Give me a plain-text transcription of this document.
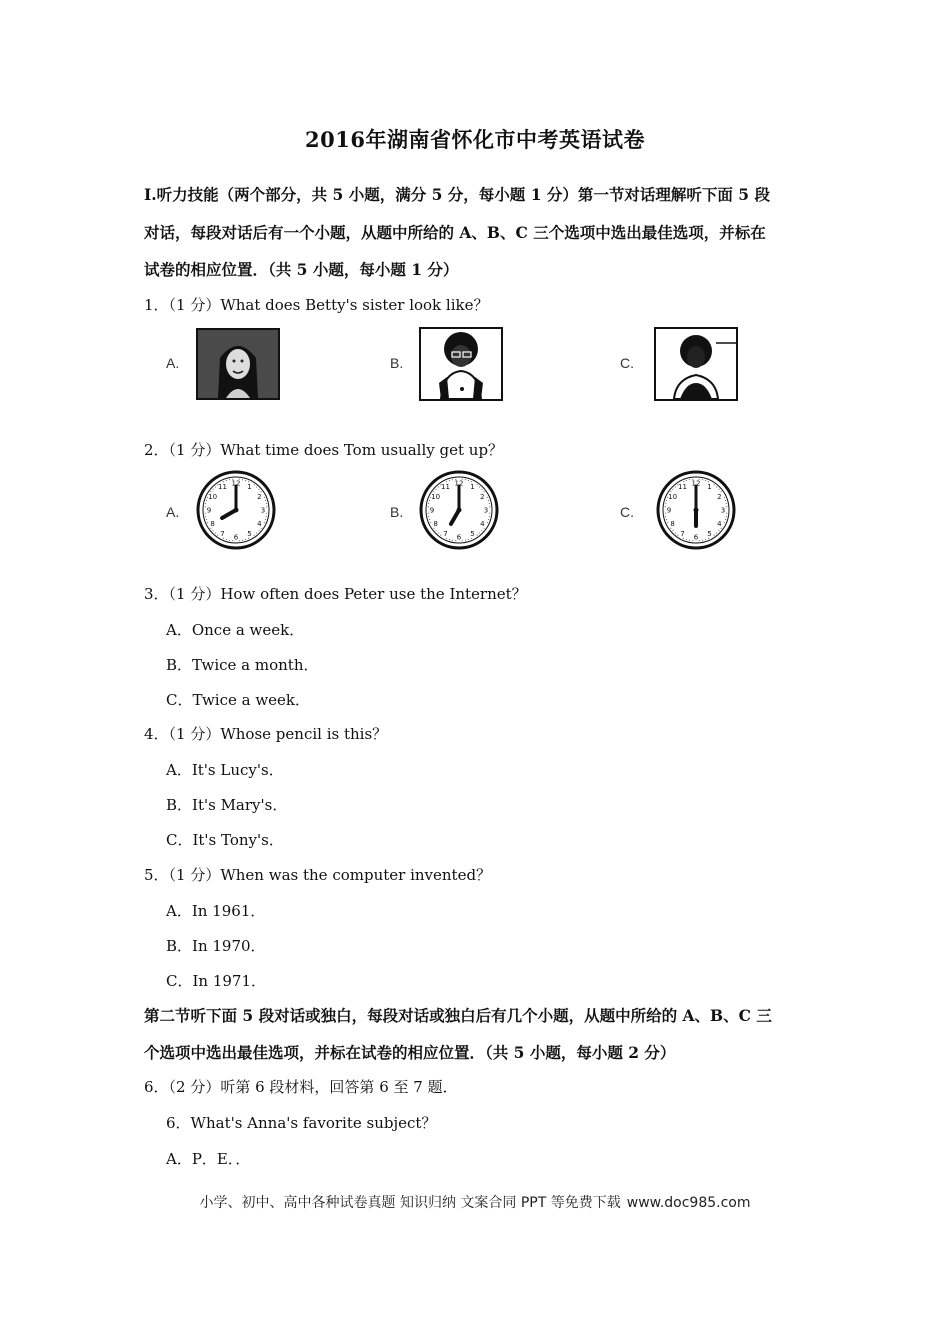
2016年湖南省怀化市中考英语试卷
Ⅰ.听力技能（两个部分，共 5 小题，满分 5 分，每小题 1 分）第一节对话理解听下面 5 段
对话，每段对话后有一个小题，从题中所给的 A、B、C 三个选项中选出最佳选项，并标在
试卷的相应位置．（共 5 小题，每小题 1 分）
1．（1 分）What does Betty's sister look like？
A.	B.	C.
2．（1 分）What time does Tom usually get up？
A.
1
2
3
4
5
6
7
8
9
10
11 12
B.
1
2
3
4
5
6
7
8
9
10
11 12
C.
1
2
3
4
5
6
7
8
9
10
11 12
3．（1 分）How often does Peter use the Internet？
A．Once a week．
B．Twice a month．
C．Twice a week．
4．（1 分）Whose pencil is this？
A．It's Lucy's．
B．It's Mary's．
C．It's Tony's．
5．（1 分）When was the computer invented？
A．In 1961．
B．In 1970．
C．In 1971．
第二节听下面 5 段对话或独白，每段对话或独白后有几个小题，从题中所给的 A、B、C 三
个选项中选出最佳选项，并标在试卷的相应位置．（共 5 小题，每小题 2 分）
6．（2 分）听第 6 段材料，回答第 6 至 7 题．
6．What's Anna's favorite subject？
A．P．E．．
小学、初中、高中各种试卷真题 知识归纳 文案合同 PPT 等免费下载 www.doc985.com
